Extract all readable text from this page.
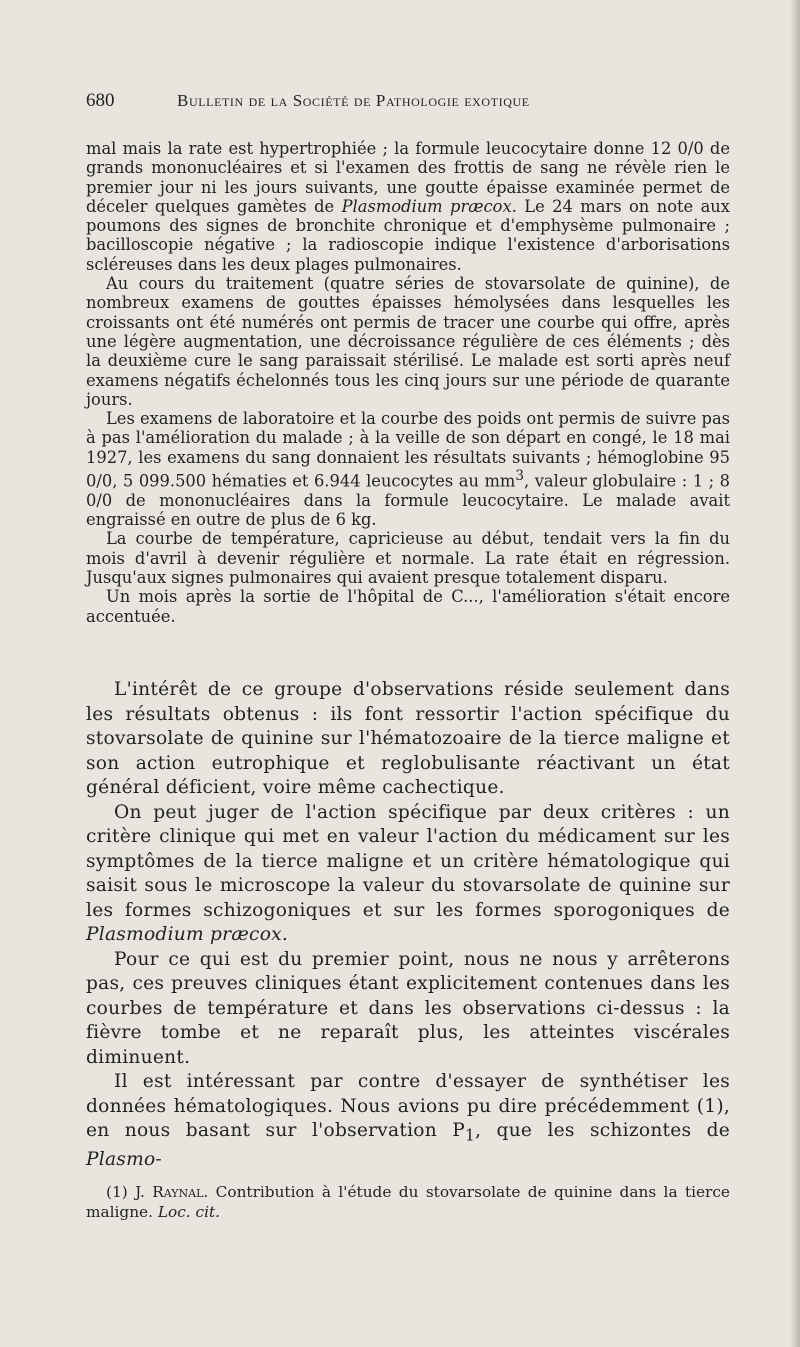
680	Bulletin de la Société de Pathologie exotique

mal mais la rate est hypertrophiée ; la formule leucocytaire donne 12 0/0 de grands mononucléaires et si l'examen des frottis de sang ne révèle rien le premier jour ni les jours suivants, une goutte épaisse examinée permet de déceler quelques gamètes de Plasmodium præcox. Le 24 mars on note aux poumons des signes de bronchite chronique et d'emphysème pulmonaire ; bacilloscopie négative ; la radioscopie indique l'existence d'arborisations scléreuses dans les deux plages pulmonaires.

Au cours du traitement (quatre séries de stovarsolate de quinine), de nombreux examens de gouttes épaisses hémolysées dans lesquelles les croissants ont été numérés ont permis de tracer une courbe qui offre, après une légère augmentation, une décroissance régulière de ces éléments ; dès la deuxième cure le sang paraissait stérilisé. Le malade est sorti après neuf examens négatifs échelonnés tous les cinq jours sur une période de quarante jours.

Les examens de laboratoire et la courbe des poids ont permis de suivre pas à pas l'amélioration du malade ; à la veille de son départ en congé, le 18 mai 1927, les examens du sang donnaient les résultats suivants ; hémoglobine 95 0/0, 5 099.500 hématies et 6.944 leucocytes au $mm^3$, valeur globulaire : 1 ; 8 0/0 de mononucléaires dans la formule leucocytaire. Le malade avait engraissé en outre de plus de 6 kg.

La courbe de température, capricieuse au début, tendait vers la fin du mois d'avril à devenir régulière et normale. La rate était en régression. Jusqu'aux signes pulmonaires qui avaient presque totalement disparu.

Un mois après la sortie de l'hôpital de C..., l'amélioration s'était encore accentuée.

L'intérêt de ce groupe d'observations réside seulement dans les résultats obtenus : ils font ressortir l'action spécifique du stovarsolate de quinine sur l'hématozoaire de la tierce maligne et son action eutrophique et reglobulisante réactivant un état général déficient, voire même cachectique.

On peut juger de l'action spécifique par deux critères : un critère clinique qui met en valeur l'action du médicament sur les symptômes de la tierce maligne et un critère hématologique qui saisit sous le microscope la valeur du stovarsolate de quinine sur les formes schizogoniques et sur les formes sporogoniques de Plasmodium præcox.

Pour ce qui est du premier point, nous ne nous y arrêterons pas, ces preuves cliniques étant explicitement contenues dans les courbes de température et dans les observations ci-dessus : la fièvre tombe et ne reparaît plus, les atteintes viscérales diminuent.

Il est intéressant par contre d'essayer de synthétiser les données hématologiques. Nous avions pu dire précédemment (1), en nous basant sur l'observation $P_1$, que les schizontes de Plasmo-

(1) J. Raynal. Contribution à l'étude du stovarsolate de quinine dans la tierce maligne. Loc. cit.
